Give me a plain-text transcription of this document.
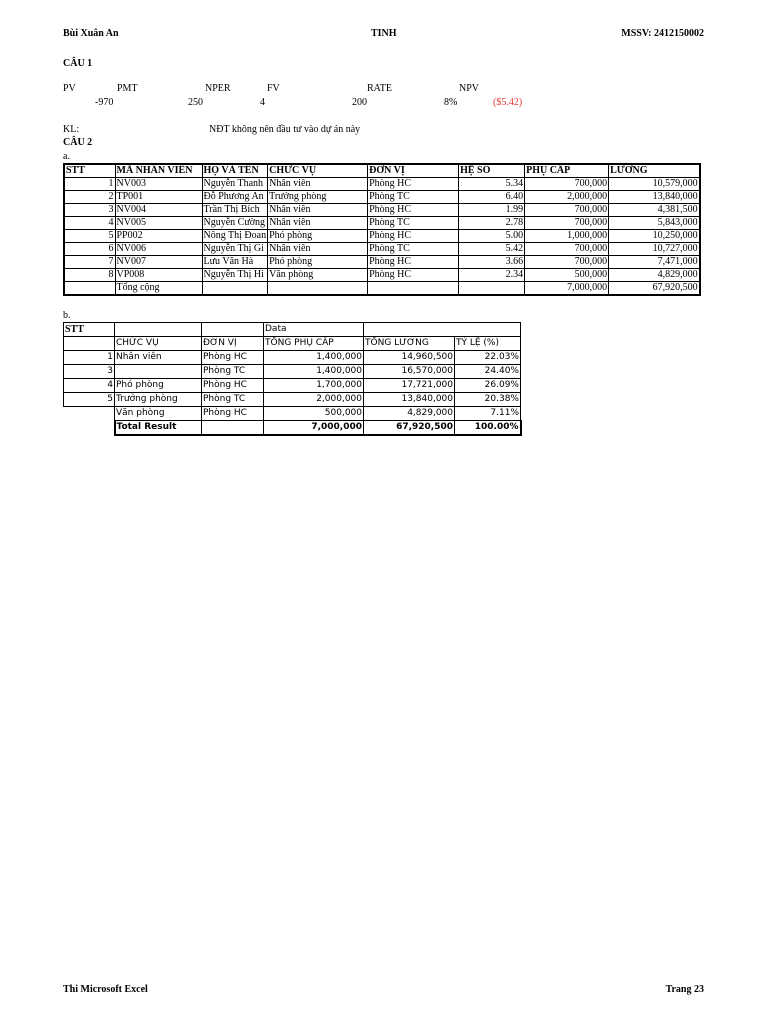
Bùi Xuân An	TINH	MSSV: 2412150002
CÂU 1
PV	PMT	NPER	FV	RATE	NPV
-970	250	4	200	8%	($5.42)
KL:	NĐT không nên đầu tư vào dự án này
CÂU 2
a.
STT	MÃ NHÂN VIÊN	HỌ VÀ TÊN	CHỨC VỤ	ĐƠN VỊ	HỆ SỐ	PHỤ CẤP	LƯƠNG
1	NV003	Nguyễn Thanh	Nhân viên	Phòng HC	5.34	700,000	10,579,000
2	TP001	Đỗ Phương An	Trưởng phòng	Phòng TC	6.40	2,000,000	13,840,000
3	NV004	Trần Thị Bích	Nhân viên	Phòng HC	1.99	700,000	4,381,500
4	NV005	Nguyễn Cường	Nhân viên	Phòng TC	2.78	700,000	5,843,000
5	PP002	Nông Thị Đoan	Phó phòng	Phòng HC	5.00	1,000,000	10,250,000
6	NV006	Nguyễn Thị Gi	Nhân viên	Phòng TC	5.42	700,000	10,727,000
7	NV007	Lưu Văn Hà	Phó phòng	Phòng HC	3.66	700,000	7,471,000
8	VP008	Nguyễn Thị Hi	Văn phòng	Phòng HC	2.34	500,000	4,829,000
	Tổng cộng					7,000,000	67,920,500
b.
STT			Data		
	CHỨC VỤ	ĐƠN VỊ	TỔNG PHỤ CẤP	TỔNG LƯƠNG	TỶ LỆ (%)
1	Nhân viên	Phòng HC	1,400,000	14,960,500	22.03%
3		Phòng TC	1,400,000	16,570,000	24.40%
4	Phó phòng	Phòng HC	1,700,000	17,721,000	26.09%
5	Trưởng phòng	Phòng TC	2,000,000	13,840,000	20.38%
	Văn phòng	Phòng HC	500,000	4,829,000	7.11%
	Total Result		7,000,000	67,920,500	100.00%
Thi Microsoft Excel	Trang 23
